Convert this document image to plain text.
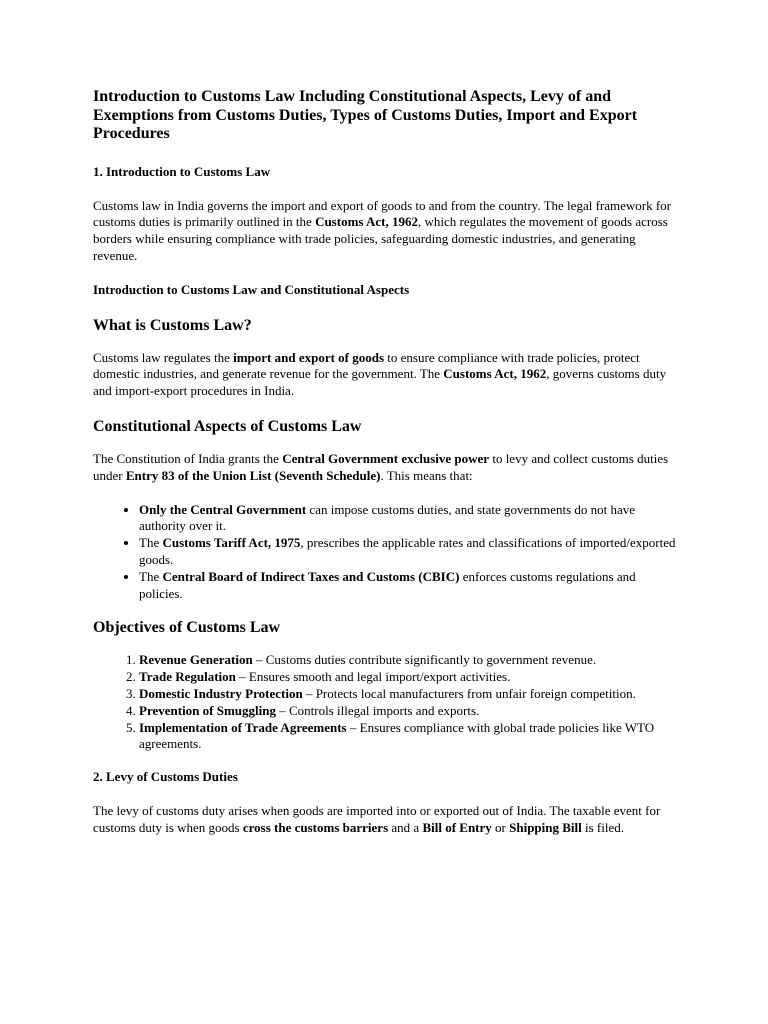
Introduction to Customs Law Including Constitutional Aspects, Levy of and Exemptions from Customs Duties, Types of Customs Duties, Import and Export Procedures

1. Introduction to Customs Law

Customs law in India governs the import and export of goods to and from the country. The legal framework for customs duties is primarily outlined in the Customs Act, 1962, which regulates the movement of goods across borders while ensuring compliance with trade policies, safeguarding domestic industries, and generating revenue.

Introduction to Customs Law and Constitutional Aspects

What is Customs Law?

Customs law regulates the import and export of goods to ensure compliance with trade policies, protect domestic industries, and generate revenue for the government. The Customs Act, 1962, governs customs duty and import-export procedures in India.

Constitutional Aspects of Customs Law

The Constitution of India grants the Central Government exclusive power to levy and collect customs duties under Entry 83 of the Union List (Seventh Schedule). This means that:

• Only the Central Government can impose customs duties, and state governments do not have authority over it.
• The Customs Tariff Act, 1975, prescribes the applicable rates and classifications of imported/exported goods.
• The Central Board of Indirect Taxes and Customs (CBIC) enforces customs regulations and policies.

Objectives of Customs Law

1. Revenue Generation – Customs duties contribute significantly to government revenue.
2. Trade Regulation – Ensures smooth and legal import/export activities.
3. Domestic Industry Protection – Protects local manufacturers from unfair foreign competition.
4. Prevention of Smuggling – Controls illegal imports and exports.
5. Implementation of Trade Agreements – Ensures compliance with global trade policies like WTO agreements.

2. Levy of Customs Duties

The levy of customs duty arises when goods are imported into or exported out of India. The taxable event for customs duty is when goods cross the customs barriers and a Bill of Entry or Shipping Bill is filed.
